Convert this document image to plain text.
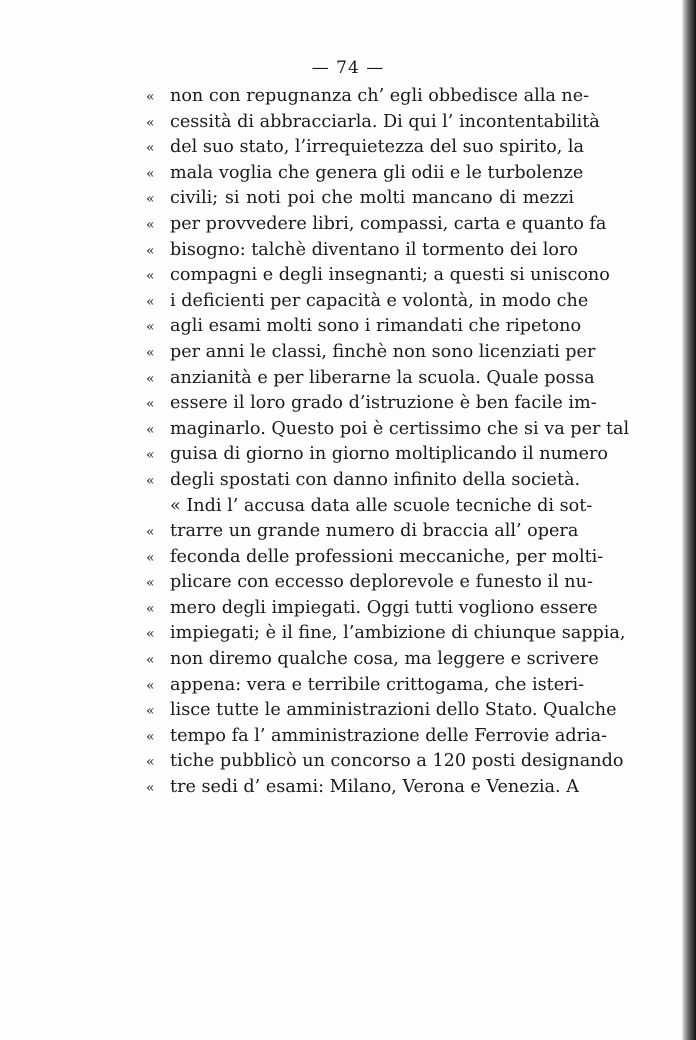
— 74 —
« non con repugnanza ch’ egli obbedisce alla ne-
« cessità di abbracciarla. Di qui l’ incontentabilità
« del suo stato, l’irrequietezza del suo spirito, la
« mala voglia che genera gli odii e le turbolenze
« civili; si noti poi che molti mancano di mezzi
« per provvedere libri, compassi, carta e quanto fa
« bisogno: talchè diventano il tormento dei loro
« compagni e degli insegnanti; a questi si uniscono
« i deficienti per capacità e volontà, in modo che
« agli esami molti sono i rimandati che ripetono
« per anni le classi, finchè non sono licenziati per
« anzianità e per liberarne la scuola. Quale possa
« essere il loro grado d’istruzione è ben facile im-
« maginarlo. Questo poi è certissimo che si va per tal
« guisa di giorno in giorno moltiplicando il numero
« degli spostati con danno infinito della società.
« Indi l’ accusa data alle scuole tecniche di sot-
« trarre un grande numero di braccia all’ opera
« feconda delle professioni meccaniche, per molti-
« plicare con eccesso deplorevole e funesto il nu-
« mero degli impiegati. Oggi tutti vogliono essere
« impiegati; è il fine, l’ambizione di chiunque sappia,
« non diremo qualche cosa, ma leggere e scrivere
« appena: vera e terribile crittogama, che isteri-
« lisce tutte le amministrazioni dello Stato. Qualche
« tempo fa l’ amministrazione delle Ferrovie adria-
« tiche pubblicò un concorso a 120 posti designando
« tre sedi d’ esami: Milano, Verona e Venezia. A
